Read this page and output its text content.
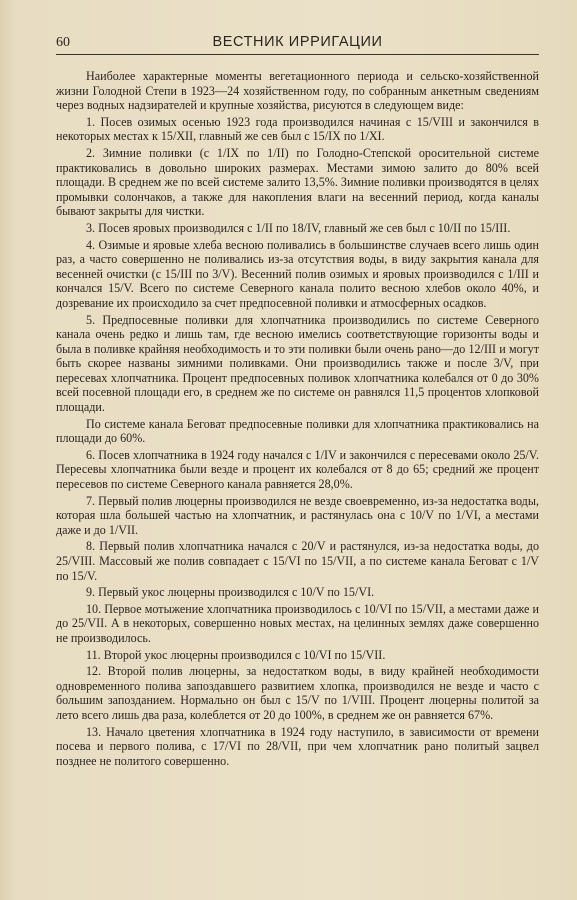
60	ВЕСТНИК ИРРИГАЦИИ

Наиболее характерные моменты вегетационного периода и сельско-хозяйственной жизни Голодной Степи в 1923—24 хозяйственном году, по собранным анкетным сведениям через водных надзирателей и крупные хозяйства, рисуются в следующем виде:

1. Посев озимых осенью 1923 года производился начиная с 15/VIII и закончился в некоторых местах к 15/XII, главный же сев был с 15/IX по 1/XI.

2. Зимние поливки (с 1/IX по 1/II) по Голодно-Степской оросительной системе практиковались в довольно широких размерах. Местами зимою залито до 80% всей площади. В среднем же по всей системе залито 13,5%. Зимние поливки производятся в целях промывки солончаков, а также для накопления влаги на весенний период, когда каналы бывают закрыты для чистки.

3. Посев яровых производился с 1/II по 18/IV, главный же сев был с 10/II по 15/III.

4. Озимые и яровые хлеба весною поливались в большинстве случаев всего лишь один раз, а часто совершенно не поливались из-за отсутствия воды, в виду закрытия канала для весенней очистки (с 15/III по 3/V). Весенний полив озимых и яровых производился с 1/III и кончался 15/V. Всего по системе Северного канала полито весною хлебов около 40%, и дозревание их происходило за счет предпосевной поливки и атмосферных осадков.

5. Предпосевные поливки для хлопчатника производились по системе Северного канала очень редко и лишь там, где весною имелись соответствующие горизонты воды и была в поливке крайняя необходимость и то эти поливки были очень рано—до 12/III и могут быть скорее названы зимними поливками. Они производились также и после 3/V, при пересевах хлопчатника. Процент предпосевных поливок хлопчатника колебался от 0 до 30% всей посевной площади его, в среднем же по системе он равнялся 11,5 процентов хлопковой площади.

По системе канала Беговат предпосевные поливки для хлопчатника практиковались на площади до 60%.

6. Посев хлопчатника в 1924 году начался с 1/IV и закончился с пересевами около 25/V. Пересевы хлопчатника были везде и процент их колебался от 8 до 65; средний же процент пересевов по системе Северного канала равняется 28,0%.

7. Первый полив люцерны производился не везде своевременно, из-за недостатка воды, которая шла большей частью на хлопчатник, и растянулась она с 10/V по 1/VI, а местами даже и до 1/VII.

8. Первый полив хлопчатника начался с 20/V и растянулся, из-за недостатка воды, до 25/VIII. Массовый же полив совпадает с 15/VI по 15/VII, а по системе канала Беговат с 1/V по 15/V.

9. Первый укос люцерны производился с 10/V по 15/VI.

10. Первое мотыжение хлопчатника производилось с 10/VI по 15/VII, а местами даже и до 25/VII. А в некоторых, совершенно новых местах, на целинных землях даже совершенно не производилось.

11. Второй укос люцерны производился с 10/VI по 15/VII.

12. Второй полив люцерны, за недостатком воды, в виду крайней необходимости одновременного полива запоздавшего развитием хлопка, производился не везде и часто с большим запозданием. Нормально он был с 15/V по 1/VIII. Процент люцерны политой за лето всего лишь два раза, колеблется от 20 до 100%, в среднем же он равняется 67%.

13. Начало цветения хлопчатника в 1924 году наступило, в зависимости от времени посева и первого полива, с 17/VI по 28/VII, при чем хлопчатник рано политый зацвел позднее не политого совершенно.
